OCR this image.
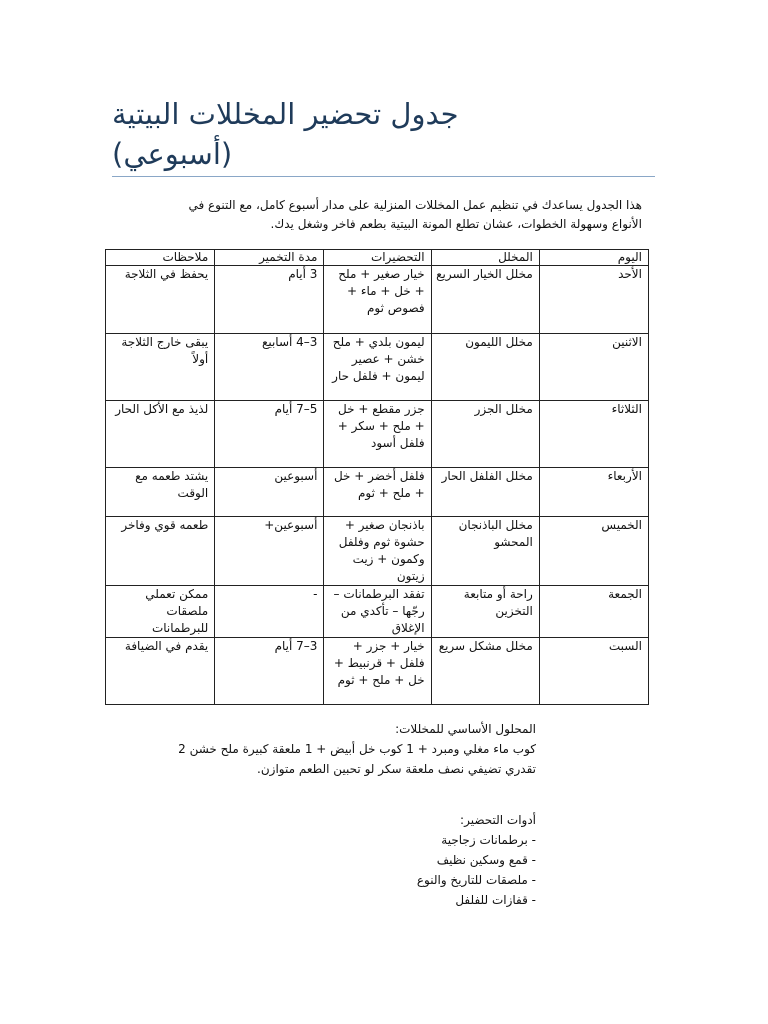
جدول تحضير المخللات البيتية
(أسبوعي)

هذا الجدول يساعدك في تنظيم عمل المخللات المنزلية على مدار أسبوع كامل، مع التنوع في

الأنواع وسهولة الخطوات، عشان تطلع المونة البيتية بطعم فاخر وشغل يدك.

اليوم	المخلل	التحضيرات	مدة التخمير	ملاحظات
الأحد	مخلل الخيار السريع	خيار صغير + ملح + خل + ماء + فصوص ثوم	3 أيام	يحفظ في الثلاجة
الاثنين	مخلل الليمون	ليمون بلدي + ملح خشن + عصير ليمون + فلفل حار	3–4 أسابيع	يبقى خارج الثلاجة أولاً
الثلاثاء	مخلل الجزر	جزر مقطع + خل + ملح + سكر + فلفل أسود	5–7 أيام	لذيذ مع الأكل الحار
الأربعاء	مخلل الفلفل الحار	فلفل أخضر + خل + ملح + ثوم	أسبوعين	يشتد طعمه مع الوقت
الخميس	مخلل الباذنجان المحشو	باذنجان صغير + حشوة ثوم وفلفل وكمون + زيت زيتون	أسبوعين+	طعمه قوي وفاخر
الجمعة	راحة أو متابعة التخزين	تفقد البرطمانات – رجّها – تأكدي من الإغلاق	-	ممكن تعملي ملصقات للبرطمانات
السبت	مخلل مشكل سريع	خيار + جزر + فلفل + قرنبيط + خل + ملح + ثوم	3–7 أيام	يقدم في الضيافة

المحلول الأساسي للمخللات:

كوب ماء مغلي ومبرد + 1 كوب خل أبيض + 1 ملعقة كبيرة ملح خشن 2

تقدري تضيفي نصف ملعقة سكر لو تحبين الطعم متوازن.

أدوات التحضير:

- برطمانات زجاجية
- قمع وسكين نظيف
- ملصقات للتاريخ والنوع
- قفازات للفلفل
